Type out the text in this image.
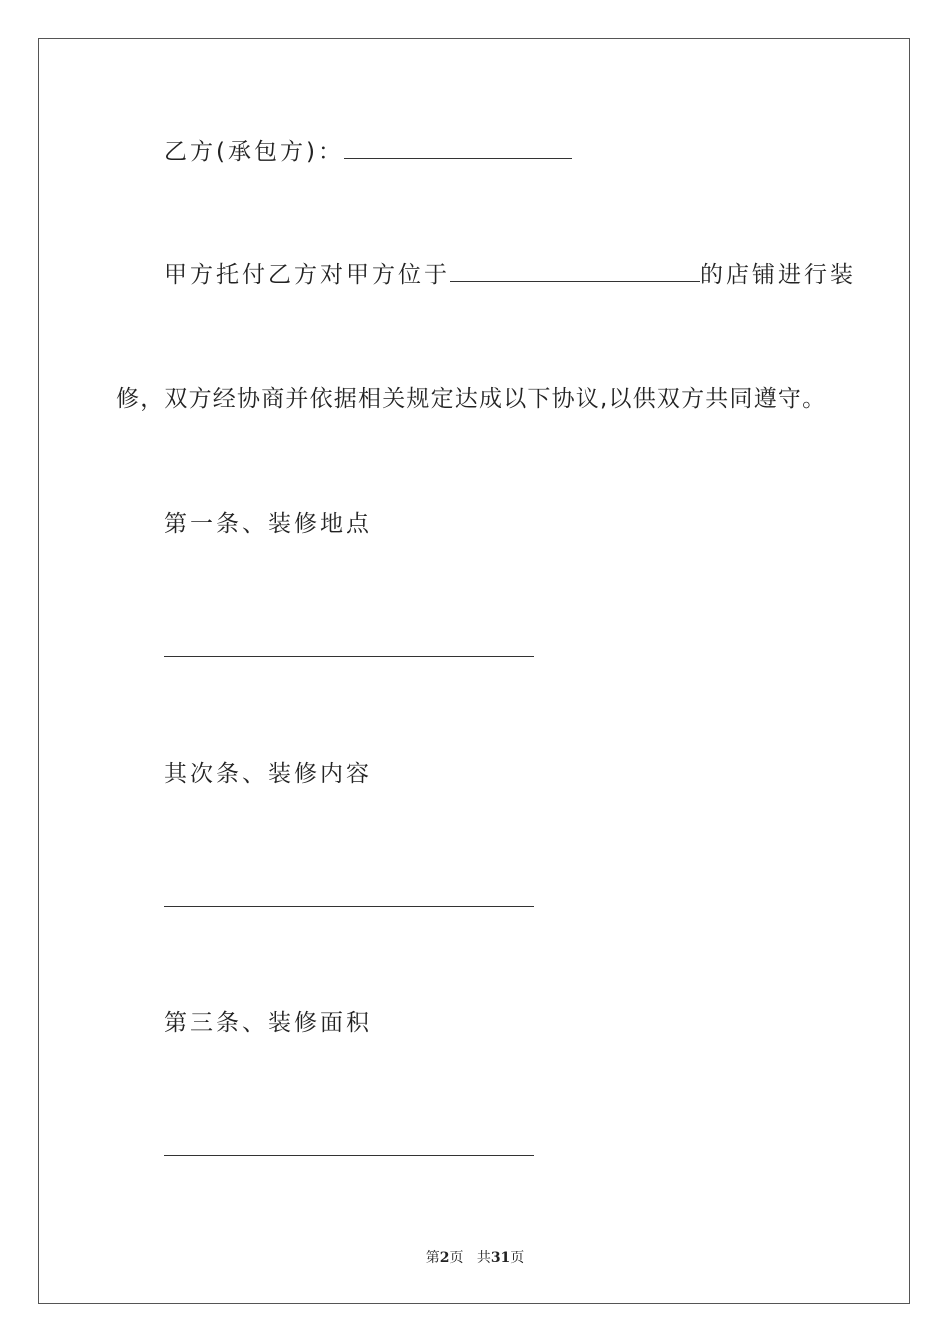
乙方(承包方)：
甲方托付乙方对甲方位于	的店铺进行装
修，双方经协商并依据相关规定达成以下协议,以供双方共同遵守。
第一条、装修地点
其次条、装修内容
第三条、装修面积
第2页 共31页
